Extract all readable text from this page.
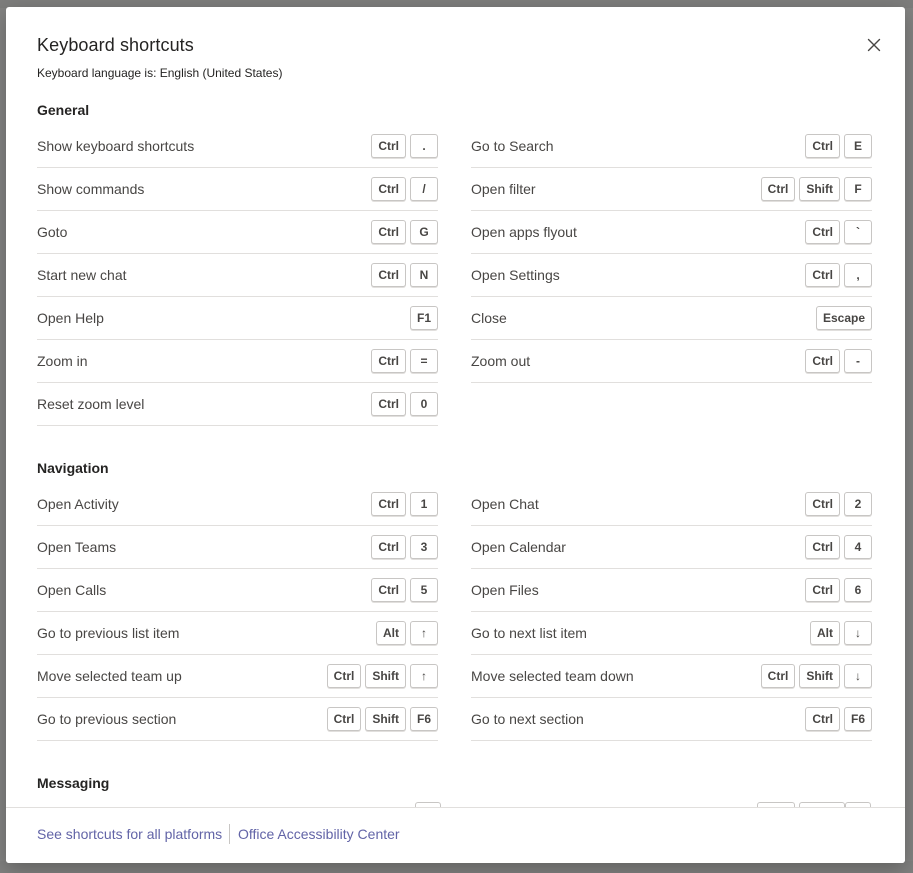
Keyboard shortcuts
Keyboard language is: English (United States)
General
Show keyboard shortcuts	Ctrl	.	Go to Search	Ctrl	E
Show commands	Ctrl	/	Open filter	Ctrl	Shift	F
Goto	Ctrl	G	Open apps flyout	Ctrl	`
Start new chat	Ctrl	N	Open Settings	Ctrl	,
Open Help	F1	Close	Escape
Zoom in	Ctrl	=	Zoom out	Ctrl	-
Reset zoom level	Ctrl	0
Navigation
Open Activity	Ctrl	1	Open Chat	Ctrl	2
Open Teams	Ctrl	3	Open Calendar	Ctrl	4
Open Calls	Ctrl	5	Open Files	Ctrl	6
Go to previous list item	Alt	↑	Go to next list item	Alt	↓
Move selected team up	Ctrl	Shift	↑	Move selected team down	Ctrl	Shift	↓
Go to previous section	Ctrl	Shift	F6	Go to next section	Ctrl	F6
Messaging
See shortcuts for all platforms Office Accessibility Center
